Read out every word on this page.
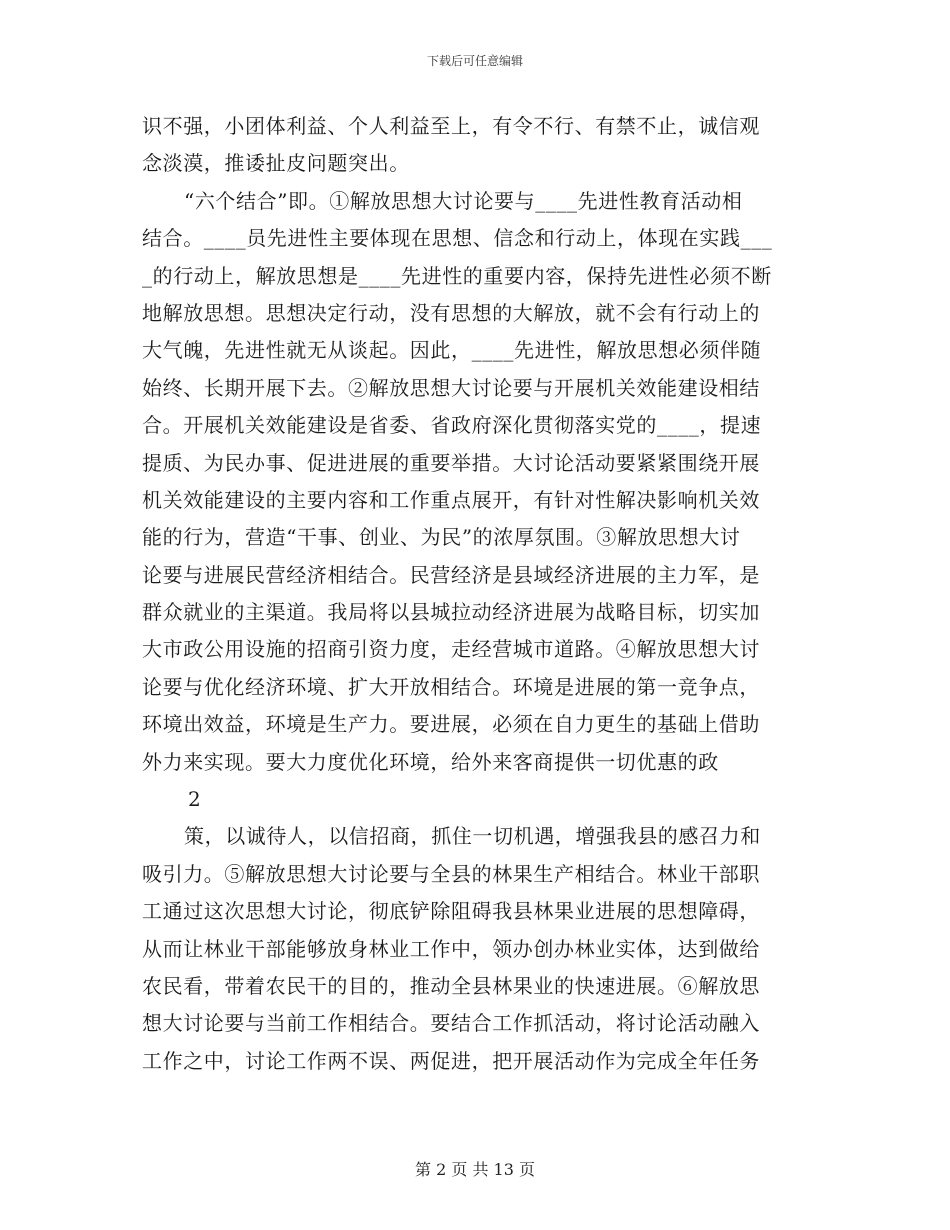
下载后可任意编辑
识不强，小团体利益、个人利益至上，有令不行、有禁不止，诚信观
念淡漠，推诿扯皮问题突出。
“六个结合”即。①解放思想大讨论要与____先进性教育活动相
结合。____员先进性主要体现在思想、信念和行动上，体现在实践___
_的行动上，解放思想是____先进性的重要内容，保持先进性必须不断
地解放思想。思想决定行动，没有思想的大解放，就不会有行动上的
大气魄，先进性就无从谈起。因此，____先进性，解放思想必须伴随
始终、长期开展下去。②解放思想大讨论要与开展机关效能建设相结
合。开展机关效能建设是省委、省政府深化贯彻落实党的____，提速
提质、为民办事、促进进展的重要举措。大讨论活动要紧紧围绕开展
机关效能建设的主要内容和工作重点展开，有针对性解决影响机关效
能的行为，营造“干事、创业、为民”的浓厚氛围。③解放思想大讨
论要与进展民营经济相结合。民营经济是县域经济进展的主力军，是
群众就业的主渠道。我局将以县城拉动经济进展为战略目标，切实加
大市政公用设施的招商引资力度，走经营城市道路。④解放思想大讨
论要与优化经济环境、扩大开放相结合。环境是进展的第一竞争点，
环境出效益，环境是生产力。要进展，必须在自力更生的基础上借助
外力来实现。要大力度优化环境，给外来客商提供一切优惠的政
2
策，以诚待人，以信招商，抓住一切机遇，增强我县的感召力和
吸引力。⑤解放思想大讨论要与全县的林果生产相结合。林业干部职
工通过这次思想大讨论，彻底铲除阻碍我县林果业进展的思想障碍，
从而让林业干部能够放身林业工作中，领办创办林业实体，达到做给
农民看，带着农民干的目的，推动全县林果业的快速进展。⑥解放思
想大讨论要与当前工作相结合。要结合工作抓活动，将讨论活动融入
工作之中，讨论工作两不误、两促进，把开展活动作为完成全年任务
第 2 页 共 13 页
